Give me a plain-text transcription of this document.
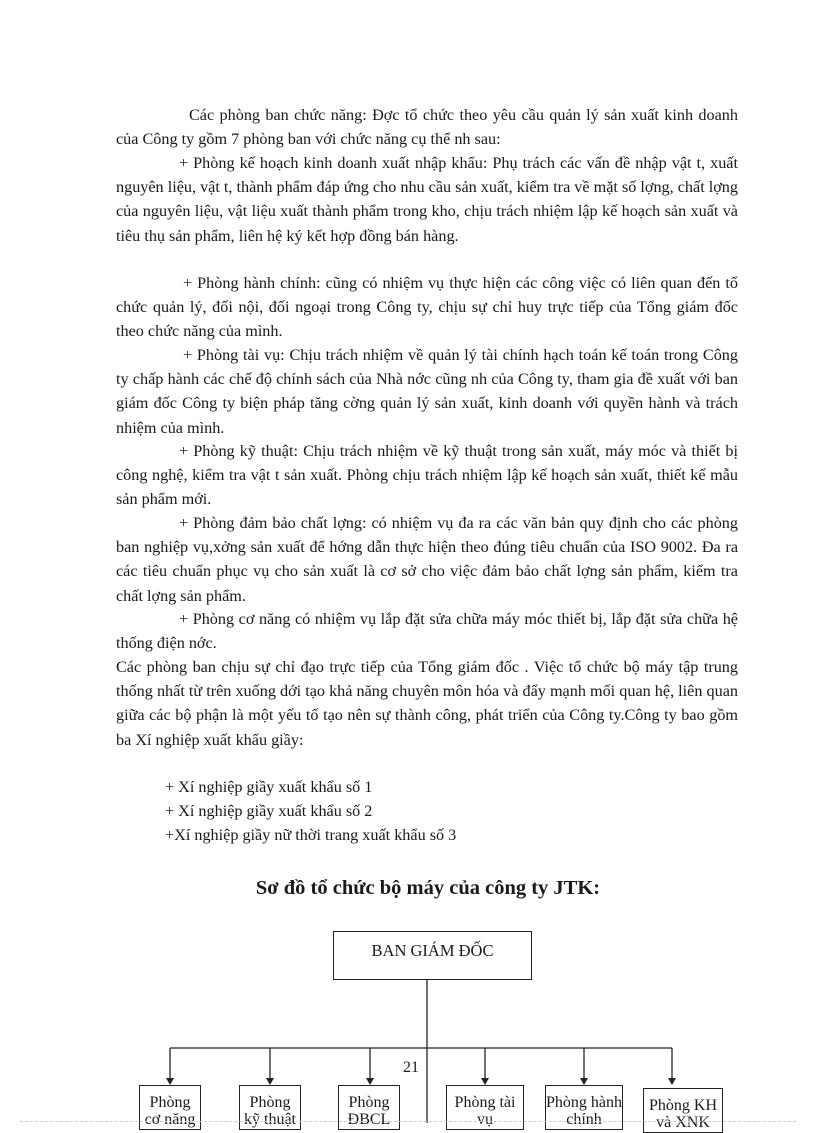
Các phòng ban chức năng: Đợc tổ chức theo yêu cầu quản lý sản xuất kinh doanh của Công ty gồm 7 phòng ban với chức năng cụ thể nh sau:

+ Phòng kế hoạch kinh doanh xuất nhập khẩu: Phụ trách các vấn đề nhập vật t, xuất nguyên liệu, vật t, thành phẩm đáp ứng cho nhu cầu sản xuất, kiểm tra về mặt số lợng, chất lợng của nguyên liệu, vật liệu xuất thành phẩm trong kho, chịu trách nhiệm lập kế hoạch sản xuất và tiêu thụ sản phẩm, liên hệ ký kết hợp đồng bán hàng.

+ Phòng hành chính: cũng có nhiệm vụ thực hiện các công việc có liên quan đến tổ chức quản lý, đối nội, đối ngoại trong Công ty, chịu sự chỉ huy trực tiếp của Tổng giám đốc theo chức năng của mình.

+ Phòng tài vụ: Chịu trách nhiệm về quản lý tài chính hạch toán kế toán trong Công ty chấp hành các chế độ chính sách của Nhà nớc cũng nh của Công ty, tham gia đề xuất với ban giám đốc Công ty biện pháp tăng cờng quản lý sản xuất, kinh doanh với quyền hành và trách nhiệm của mình.

+ Phòng kỹ thuật: Chịu trách nhiệm về kỹ thuật trong sản xuất, máy móc và thiết bị công nghệ, kiểm tra vật t sản xuất. Phòng chịu trách nhiệm lập kế hoạch sản xuất, thiết kế mẫu sản phẩm mới.

+ Phòng đảm bảo chất lợng: có nhiệm vụ đa ra các văn bản quy định cho các phòng ban nghiệp vụ,xởng sản xuất để hớng dẫn thực hiện theo đúng tiêu chuẩn của ISO 9002. Đa ra các tiêu chuẩn phục vụ cho sản xuất là cơ sở cho việc đảm bảo chất lợng sản phẩm, kiểm tra chất lợng sản phẩm.

+ Phòng cơ năng có nhiệm vụ lắp đặt sửa chữa máy móc thiết bị, lắp đặt sửa chữa hệ thống điện nớc.

Các phòng ban chịu sự chỉ đạo trực tiếp của Tổng giám đốc . Việc tổ chức bộ máy tập trung thống nhất từ trên xuống dới tạo khả năng chuyên môn hóa và đẩy mạnh mối quan hệ, liên quan giữa các bộ phận là một yếu tố tạo nên sự thành công, phát triển của Công ty.Công ty bao gồm ba Xí nghiệp xuất khẩu giầy:

+ Xí nghiệp giầy xuất khẩu số 1
+ Xí nghiệp giầy xuất khẩu số 2
+Xí nghiệp giầy nữ thời trang xuất khẩu số 3
Sơ đồ tổ chức bộ máy của công ty JTK:
BAN GIÁM ĐỐC

21

Phòng cơ năng
Phòng kỹ thuật
Phòng ĐBCL
Phòng tài vụ
Phòng hành chính
Phòng KH và XNK
